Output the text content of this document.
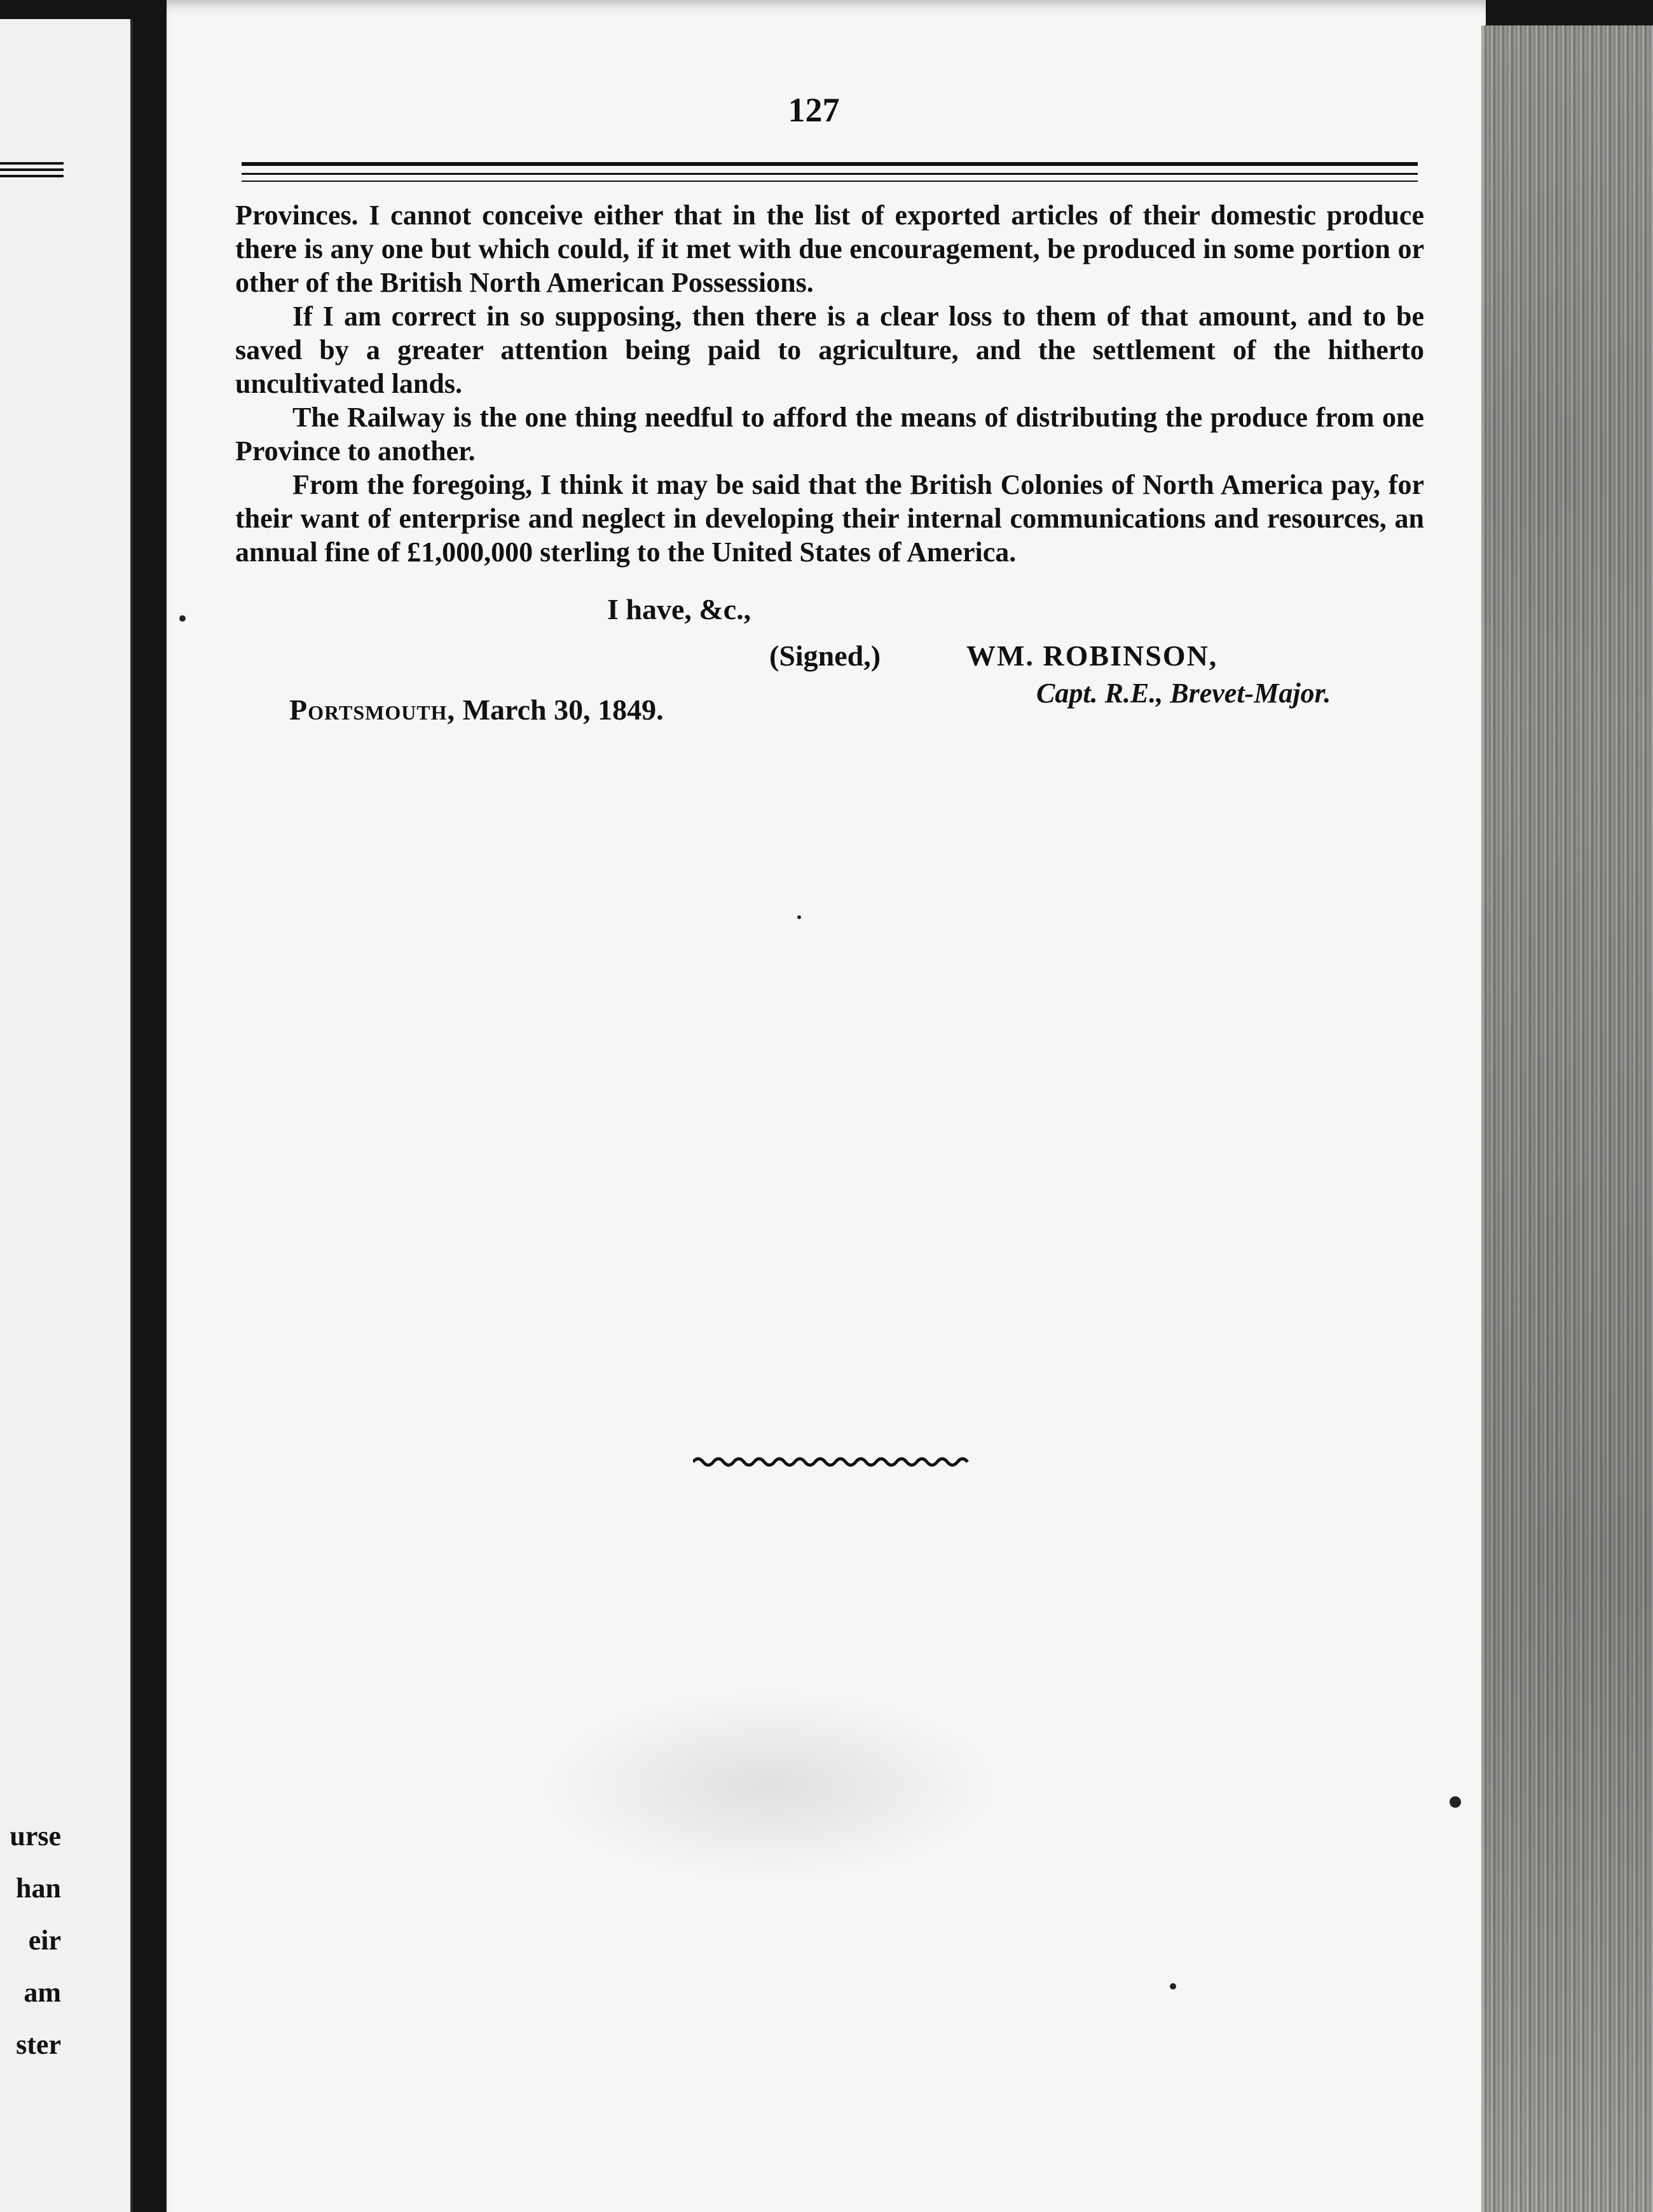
urse
han
eir
am
ster
127

Provinces. I cannot conceive either that in the list of exported articles of their domestic produce there is any one but which could, if it met with due encouragement, be produced in some portion or other of the British North American Possessions.

If I am correct in so supposing, then there is a clear loss to them of that amount, and to be saved by a greater attention being paid to agriculture, and the settlement of the hitherto uncultivated lands.

The Railway is the one thing needful to afford the means of distributing the produce from one Province to another.

From the foregoing, I think it may be said that the British Colonies of North America pay, for their want of enterprise and neglect in developing their internal communications and resources, an annual fine of £1,000,000 sterling to the United States of America.

I have, &c.,
(Signed,)	WM. ROBINSON,
Capt. R.E., Brevet-Major.
Portsmouth, March 30, 1849.
